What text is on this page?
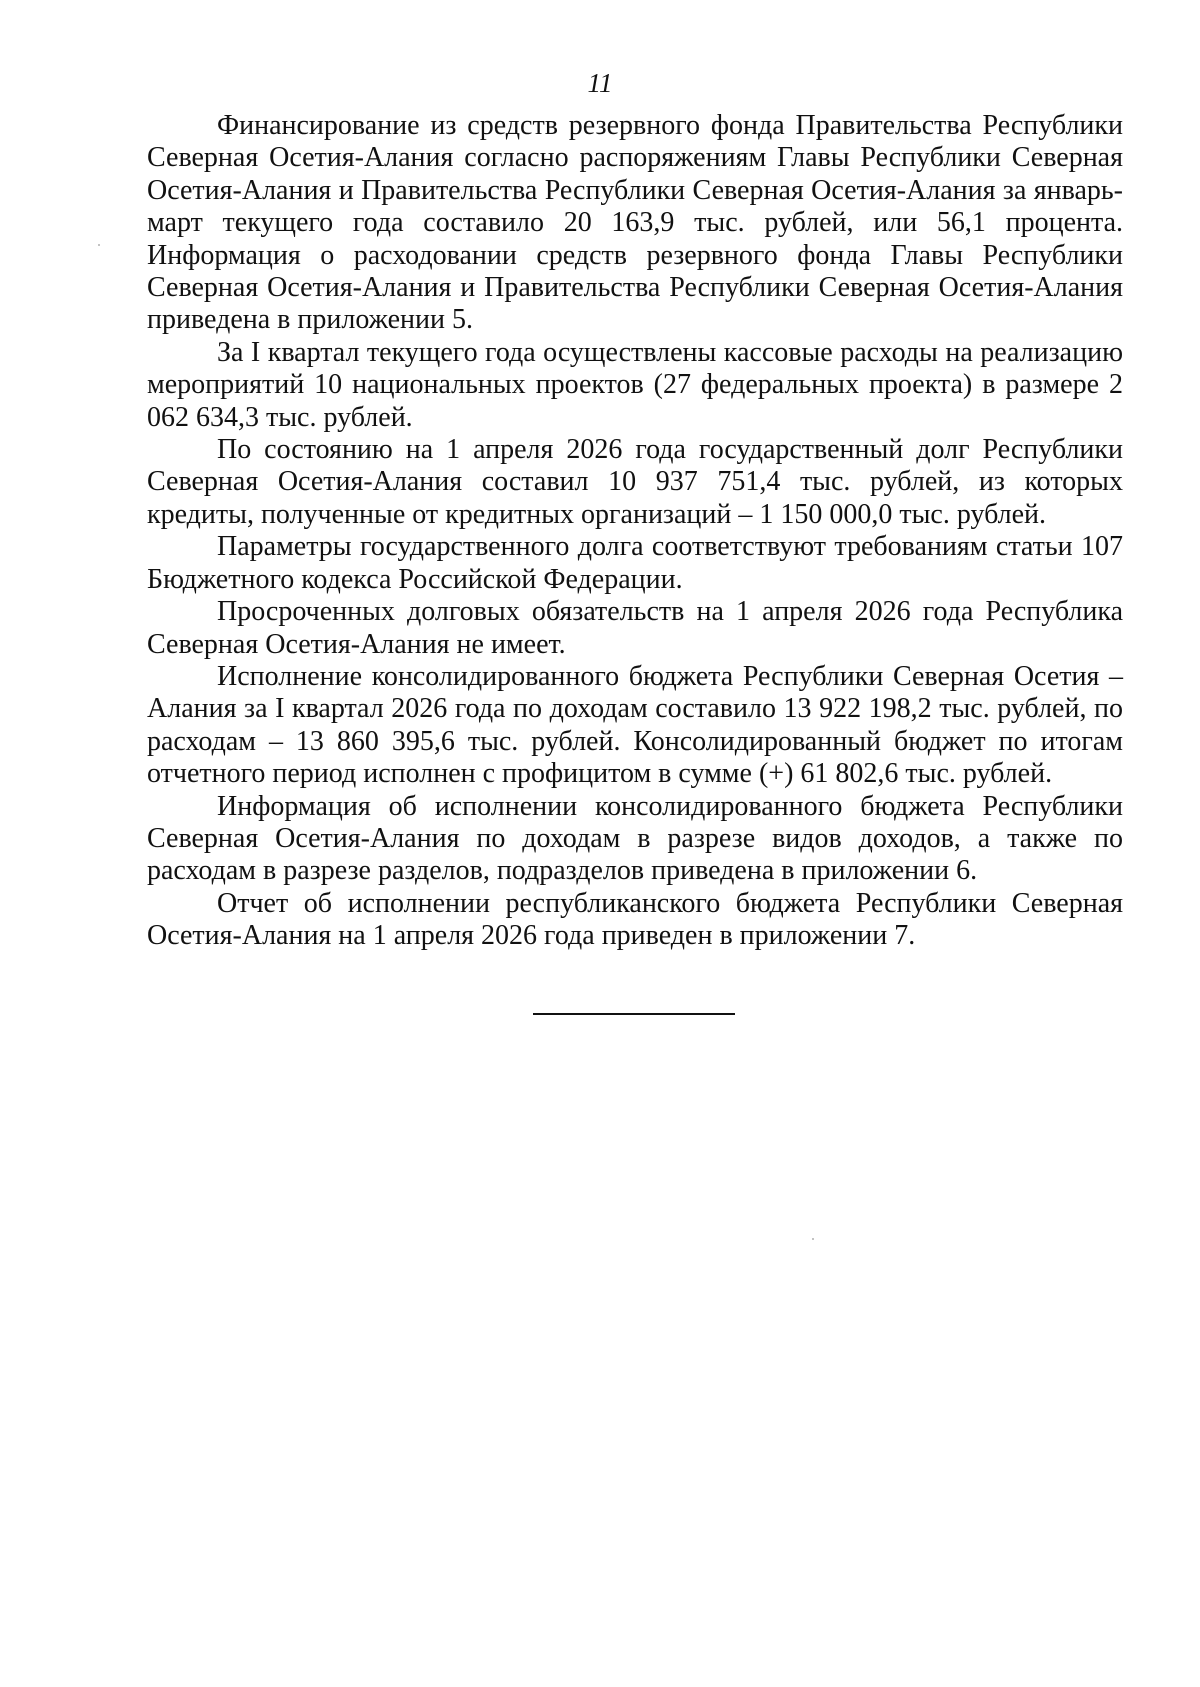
11

Финансирование из средств резервного фонда Правительства Республики Северная Осетия-Алания согласно распоряжениям Главы Республики Северная Осетия-Алания и Правительства Республики Северная Осетия-Алания за январь-март текущего года составило 20 163,9 тыс. рублей, или 56,1 процента. Информация о расходовании средств резервного фонда Главы Республики Северная Осетия-Алания и Правительства Республики Северная Осетия-Алания приведена в приложении 5.

За I квартал текущего года осуществлены кассовые расходы на реализацию мероприятий 10 национальных проектов (27 федеральных проекта) в размере 2 062 634,3 тыс. рублей.

По состоянию на 1 апреля 2026 года государственный долг Республики Северная Осетия-Алания составил 10 937 751,4 тыс. рублей, из которых кредиты, полученные от кредитных организаций – 1 150 000,0 тыс. рублей.

Параметры государственного долга соответствуют требованиям статьи 107 Бюджетного кодекса Российской Федерации.

Просроченных долговых обязательств на 1 апреля 2026 года Республика Северная Осетия-Алания не имеет.

Исполнение консолидированного бюджета Республики Северная Осетия – Алания за I квартал 2026 года по доходам составило 13 922 198,2 тыс. рублей, по расходам – 13 860 395,6 тыс. рублей. Консолидированный бюджет по итогам отчетного период исполнен с профицитом в сумме (+) 61 802,6 тыс. рублей.

Информация об исполнении консолидированного бюджета Республики Северная Осетия-Алания по доходам в разрезе видов доходов, а также по расходам в разрезе разделов, подразделов приведена в приложении 6.

Отчет об исполнении республиканского бюджета Республики Северная Осетия-Алания на 1 апреля 2026 года приведен в приложении 7.
